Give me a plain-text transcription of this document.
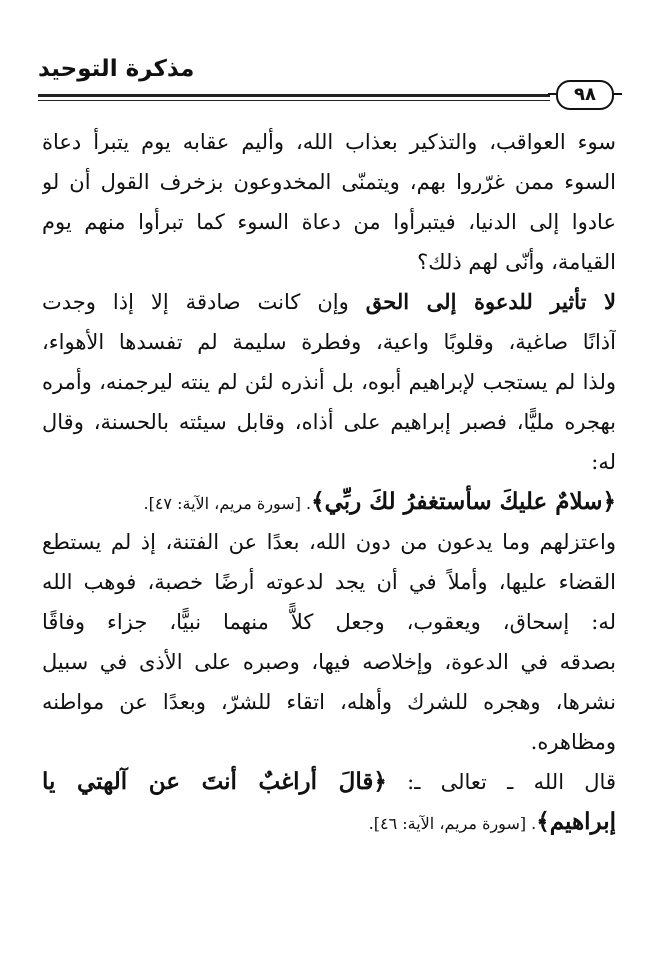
مذكرة التوحيد
٩٨
سوء العواقب، والتذكير بعذاب الله، وأليم عقابه يوم يتبرأ دعاة
السوء ممن غرّروا بهم، ويتمنّى المخدوعون بزخرف القول أن لو
عادوا إلى الدنيا، فيتبرأوا من دعاة السوء كما تبرأوا منهم يوم
القيامة، وأنّى لهم ذلك؟
لا تأثير للدعوة إلى الحق وإن كانت صادقة إلا إذا وجدت
آذانًا صاغية، وقلوبًا واعية، وفطرة سليمة لم تفسدها الأهواء،
ولذا لم يستجب لإبراهيم أبوه، بل أنذره لئن لم ينته ليرجمنه، وأمره
بهجره مليًّا، فصبر إبراهيم على أذاه، وقابل سيئته بالحسنة، وقال
له:
﴿سلامٌ عليكَ سأستغفرُ لكَ ربِّي﴾. [سورة مريم، الآية: ٤٧].
واعتزلهم وما يدعون من دون الله، بعدًا عن الفتنة، إذ لم يستطع
القضاء عليها، وأملاً في أن يجد لدعوته أرضًا خصبة، فوهب الله
له: إسحاق، ويعقوب، وجعل كلاًّ منهما نبيًّا، جزاء وفاقًا
بصدقه في الدعوة، وإخلاصه فيها، وصبره على الأذى في سبيل
نشرها، وهجره للشرك وأهله، اتقاء للشرّ، وبعدًا عن مواطنه
ومظاهره.
قال الله ـ تعالى ـ: ﴿قالَ أراغبٌ أنتَ عن آلهتي يا
إبراهيم﴾. [سورة مريم، الآية: ٤٦].
